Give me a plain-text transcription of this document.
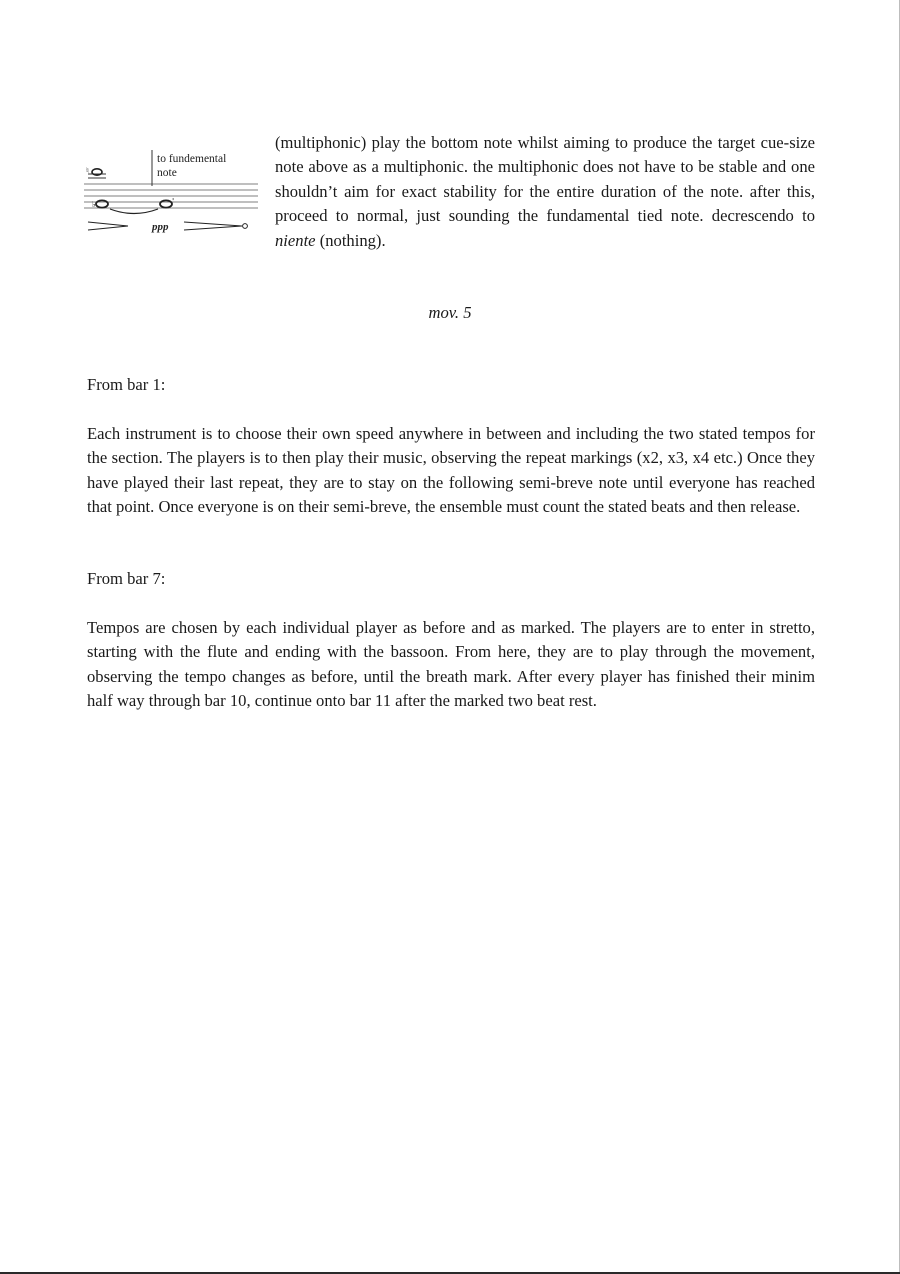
♮
♭	'
ppp
to fundemental
note
(multiphonic) play the bottom note whilst aiming to produce the target cue-size note above as a multiphonic. the multiphonic does not have to be stable and one shouldn’t aim for exact stability for the entire duration of the note. after this, proceed to normal, just sounding the fundamental tied note. decrescendo to niente (nothing).
mov. 5

From bar 1:

Each instrument is to choose their own speed anywhere in between and including the two stated tempos for the section. The players is to then play their music, observing the repeat markings (x2, x3, x4 etc.) Once they have played their last repeat, they are to stay on the following semi-breve note until everyone has reached that point. Once everyone is on their semi-breve, the ensemble must count the stated beats and then release.

From bar 7:

Tempos are chosen by each individual player as before and as marked. The players are to enter in stretto, starting with the flute and ending with the bassoon. From here, they are to play through the movement, observing the tempo changes as before, until the breath mark. After every player has finished their minim half way through bar 10, continue onto bar 11 after the marked two beat rest.
